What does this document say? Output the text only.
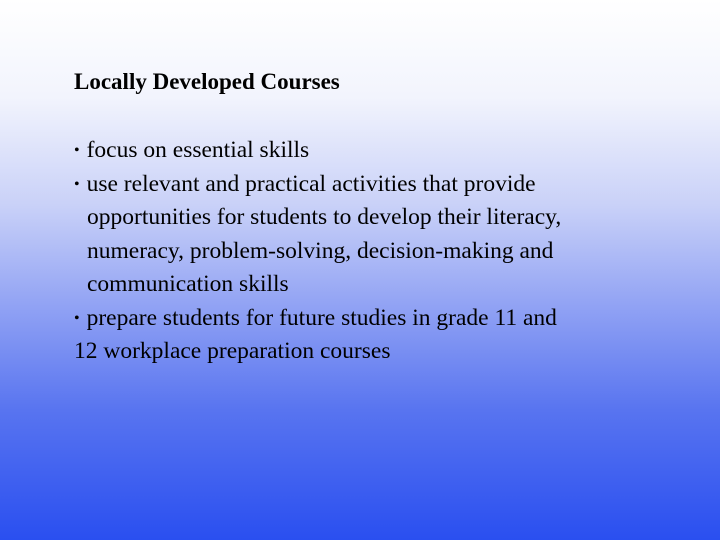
Locally Developed Courses
• focus on essential skills
• use relevant and practical activities that provide
opportunities for students to develop their literacy,
numeracy, problem-solving, decision-making and
communication skills
• prepare students for future studies in grade 11 and
12 workplace preparation courses
